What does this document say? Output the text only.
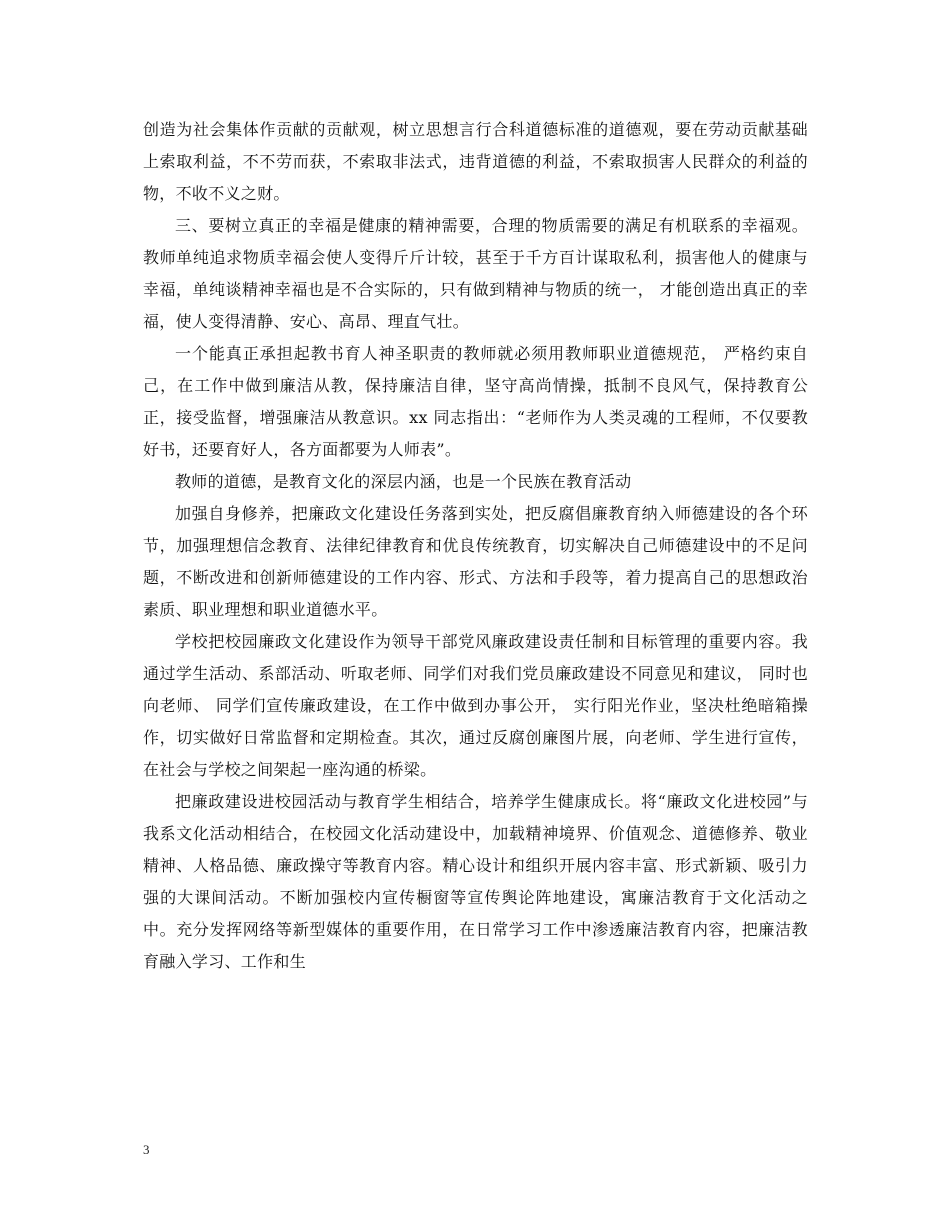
创造为社会集体作贡献的贡献观，树立思想言行合科道德标准的道德观，要在劳动贡献基础上索取利益，不不劳而获，不索取非法式，违背道德的利益，不索取损害人民群众的利益的物，不收不义之财。

三、要树立真正的幸福是健康的精神需要，合理的物质需要的满足有机联系的幸福观。教师单纯追求物质幸福会使人变得斤斤计较，甚至于千方百计谋取私利，损害他人的健康与幸福，单纯谈精神幸福也是不合实际的，只有做到精神与物质的统一， 才能创造出真正的幸福，使人变得清静、安心、高昂、理直气壮。

一个能真正承担起教书育人神圣职责的教师就必须用教师职业道德规范， 严格约束自己，在工作中做到廉洁从教，保持廉洁自律，坚守高尚情操，抵制不良风气，保持教育公正，接受监督，增强廉洁从教意识。xx 同志指出：“老师作为人类灵魂的工程师，不仅要教好书，还要育好人，各方面都要为人师表”。

教师的道德，是教育文化的深层内涵，也是一个民族在教育活动

加强自身修养，把廉政文化建设任务落到实处，把反腐倡廉教育纳入师德建设的各个环节，加强理想信念教育、法律纪律教育和优良传统教育，切实解决自己师德建设中的不足问题，不断改进和创新师德建设的工作内容、形式、方法和手段等，着力提高自己的思想政治素质、职业理想和职业道德水平。

学校把校园廉政文化建设作为领导干部党风廉政建设责任制和目标管理的重要内容。我通过学生活动、系部活动、听取老师、同学们对我们党员廉政建设不同意见和建议， 同时也向老师、 同学们宣传廉政建设，在工作中做到办事公开， 实行阳光作业，坚决杜绝暗箱操作，切实做好日常监督和定期检查。其次，通过反腐创廉图片展，向老师、学生进行宣传，在社会与学校之间架起一座沟通的桥梁。

把廉政建设进校园活动与教育学生相结合，培养学生健康成长。将“廉政文化进校园”与我系文化活动相结合，在校园文化活动建设中，加载精神境界、价值观念、道德修养、敬业精神、人格品德、廉政操守等教育内容。精心设计和组织开展内容丰富、形式新颖、吸引力强的大课间活动。不断加强校内宣传橱窗等宣传舆论阵地建设，寓廉洁教育于文化活动之中。充分发挥网络等新型媒体的重要作用，在日常学习工作中渗透廉洁教育内容，把廉洁教育融入学习、工作和生

3
